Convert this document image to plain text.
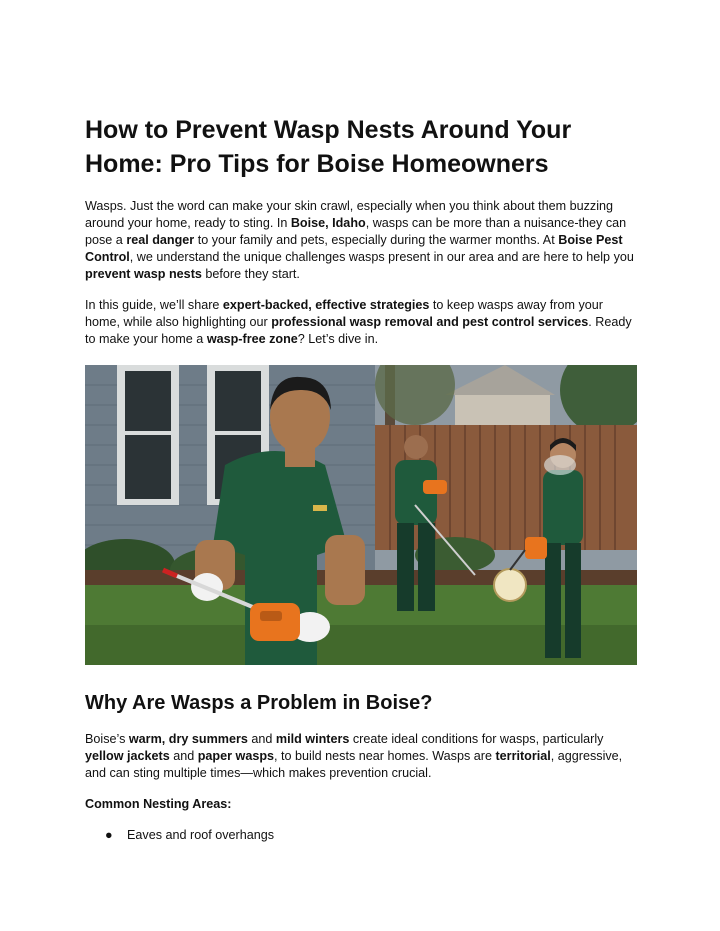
How to Prevent Wasp Nests Around Your Home: Pro Tips for Boise Homeowners

Wasps. Just the word can make your skin crawl, especially when you think about them buzzing around your home, ready to sting. In Boise, Idaho, wasps can be more than a nuisance-they can pose a real danger to your family and pets, especially during the warmer months. At Boise Pest Control, we understand the unique challenges wasps present in our area and are here to help you prevent wasp nests before they start.

In this guide, we’ll share expert-backed, effective strategies to keep wasps away from your home, while also highlighting our professional wasp removal and pest control services. Ready to make your home a wasp-free zone? Let’s dive in.

Why Are Wasps a Problem in Boise?

Boise’s warm, dry summers and mild winters create ideal conditions for wasps, particularly yellow jackets and paper wasps, to build nests near homes. Wasps are territorial, aggressive, and can sting multiple times—which makes prevention crucial.

Common Nesting Areas:

● Eaves and roof overhangs
